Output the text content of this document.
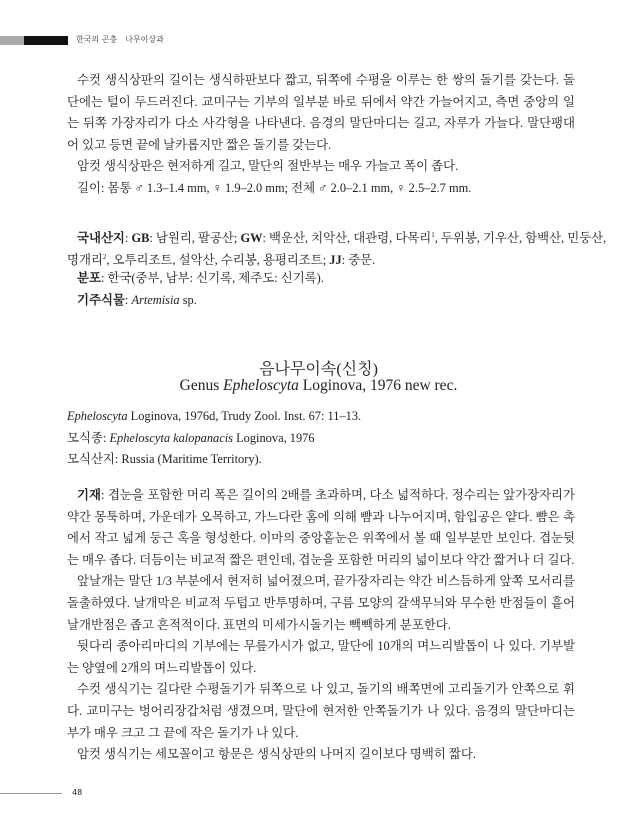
한국의 곤충 나무이상과
수컷 생식상판의 길이는 생식하판보다 짧고, 뒤쪽에 수평을 이루는 한 쌍의 돌기를 갖는다. 돌
단에는 털이 두드러진다. 교미구는 기부의 일부분 바로 뒤에서 약간 가늘어지고, 측면 중앙의 일
는 뒤쪽 가장자리가 다소 사각형을 나타낸다. 음경의 말단마디는 길고, 자루가 가늘다. 말단팽대
어 있고 등면 끝에 날카롭지만 짧은 돌기를 갖는다.
암컷 생식상판은 현저하게 길고, 말단의 절반부는 매우 가늘고 폭이 좁다.
길이: 몸통 ♂ 1.3–1.4 mm, ♀ 1.9–2.0 mm; 전체 ♂ 2.0–2.1 mm, ♀ 2.5–2.7 mm.
국내산지: GB: 남원리, 팔공산; GW: 백운산, 치악산, 대관령, 다목리$^1$, 두위봉, 기우산, 함백산, 민둥산,
명개리$^2$, 오투리조트, 설악산, 수리봉, 용평리조트; JJ: 중문.
분포: 한국(중부, 남부: 신기록, 제주도: 신기록).
기주식물: Artemisia sp.
음나무이속(신칭)
Genus Epheloscyta Loginova, 1976 new rec.
Epheloscyta Loginova, 1976d, Trudy Zool. Inst. 67: 11–13.
모식종: Epheloscyta kalopanacis Loginova, 1976
모식산지: Russia (Maritime Territory).
기재: 겹눈을 포함한 머리 폭은 길이의 2배를 초과하며, 다소 넓적하다. 정수리는 앞가장자리가
약간 몽툭하며, 가운데가 오목하고, 가느다란 홈에 의해 뺨과 나누어지며, 함입공은 얕다. 뺨은 촉
에서 작고 넓게 둥근 혹을 형성한다. 이마의 중앙홑눈은 위쪽에서 볼 때 일부분만 보인다. 겹눈뒷
는 매우 좁다. 더듬이는 비교적 짧은 편인데, 겹눈을 포함한 머리의 넓이보다 약간 짧거나 더 길다.
앞날개는 말단 1/3 부분에서 현저히 넓어졌으며, 끝가장자리는 약간 비스듬하게 앞쪽 모서리를
돌출하였다. 날개막은 비교적 두텁고 반투명하며, 구름 모양의 갈색무늬와 무수한 반점들이 흩어
날개반점은 좁고 흔적적이다. 표면의 미세가시돌기는 빽빽하게 분포한다.
뒷다리 종아리마디의 기부에는 무릎가시가 없고, 말단에 10개의 며느리발톱이 나 있다. 기부발
는 양옆에 2개의 며느리발톱이 있다.
수컷 생식기는 길다란 수평돌기가 뒤쪽으로 나 있고, 돌기의 배쪽면에 고리돌기가 안쪽으로 휘
다. 교미구는 벙어리장갑처럼 생겼으며, 말단에 현저한 안쪽돌기가 나 있다. 음경의 말단마디는
부가 매우 크고 그 끝에 작은 돌기가 나 있다.
암컷 생식기는 세모꼴이고 항문은 생식상판의 나머지 길이보다 명백히 짧다.
48
